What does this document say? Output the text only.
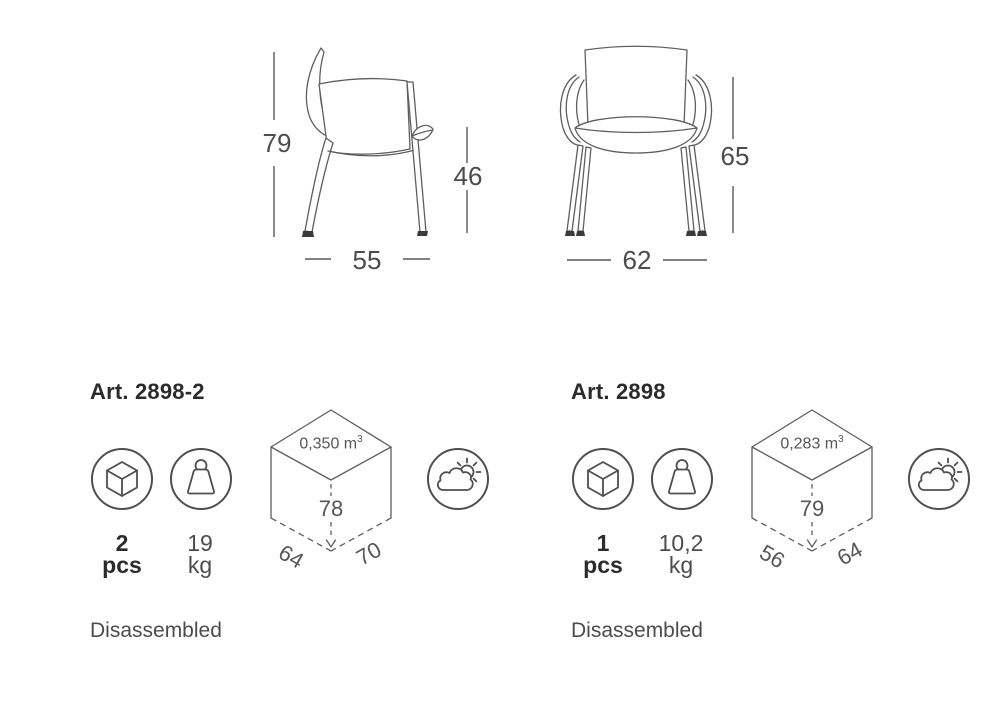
79
46
55
65
62
Art. 2898-2
0,350 $m^3$
78
64	70
2
pcs
19
kg
Disassembled
Art. 2898
0,283 $m^3$
79
56	64
1
pcs
10,2
kg
Disassembled
